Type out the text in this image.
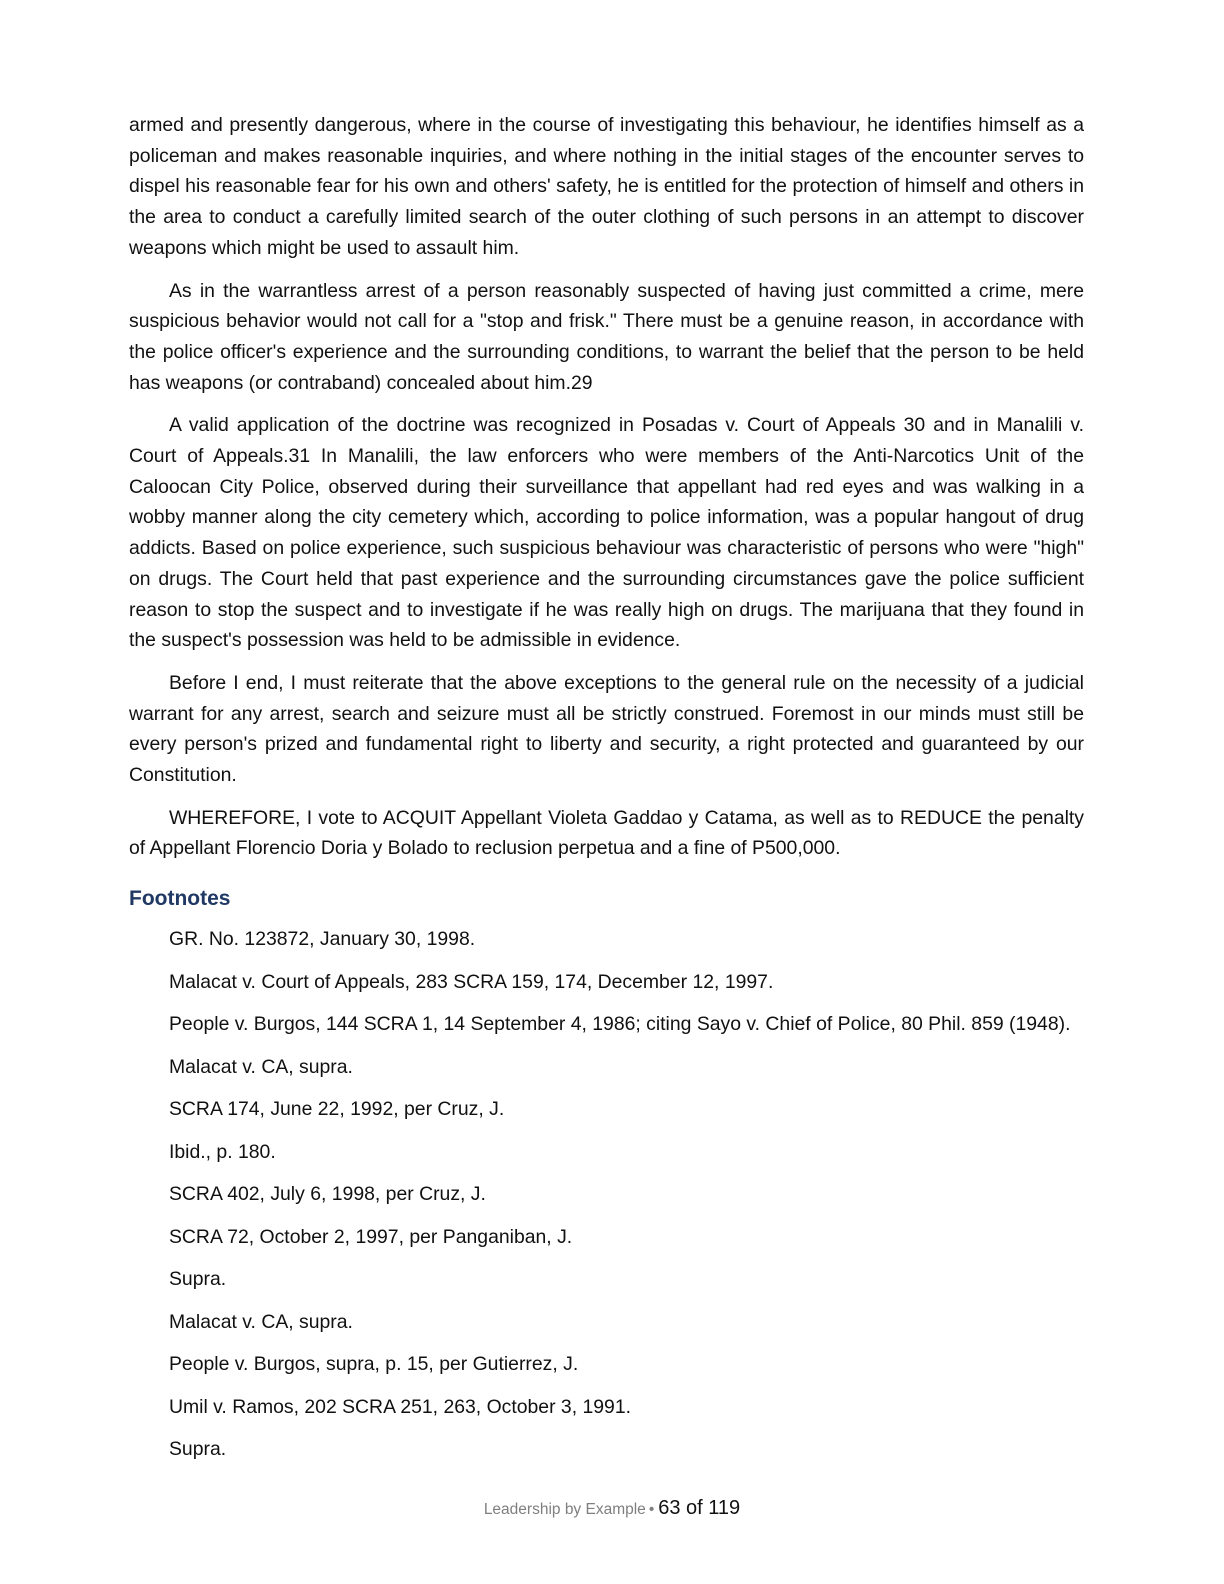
armed and presently dangerous, where in the course of investigating this behaviour, he identifies himself as a policeman and makes reasonable inquiries, and where nothing in the initial stages of the encounter serves to dispel his reasonable fear for his own and others' safety, he is entitled for the protection of himself and others in the area to conduct a carefully limited search of the outer clothing of such persons in an attempt to discover weapons which might be used to assault him.

As in the warrantless arrest of a person reasonably suspected of having just committed a crime, mere suspicious behavior would not call for a "stop and frisk." There must be a genuine reason, in accordance with the police officer's experience and the surrounding conditions, to warrant the belief that the person to be held has weapons (or contraband) concealed about him.29

A valid application of the doctrine was recognized in Posadas v. Court of Appeals 30 and in Manalili v. Court of Appeals.31 In Manalili, the law enforcers who were members of the Anti-Narcotics Unit of the Caloocan City Police, observed during their surveillance that appellant had red eyes and was walking in a wobby manner along the city cemetery which, according to police information, was a popular hangout of drug addicts. Based on police experience, such suspicious behaviour was characteristic of persons who were "high" on drugs. The Court held that past experience and the surrounding circumstances gave the police sufficient reason to stop the suspect and to investigate if he was really high on drugs. The marijuana that they found in the suspect's possession was held to be admissible in evidence.

Before I end, I must reiterate that the above exceptions to the general rule on the necessity of a judicial warrant for any arrest, search and seizure must all be strictly construed. Foremost in our minds must still be every person's prized and fundamental right to liberty and security, a right protected and guaranteed by our Constitution.

WHEREFORE, I vote to ACQUIT Appellant Violeta Gaddao y Catama, as well as to REDUCE the penalty of Appellant Florencio Doria y Bolado to reclusion perpetua and a fine of P500,000.

Footnotes
GR. No. 123872, January 30, 1998.
Malacat v. Court of Appeals, 283 SCRA 159, 174, December 12, 1997.
People v. Burgos, 144 SCRA 1, 14 September 4, 1986; citing Sayo v. Chief of Police, 80 Phil. 859 (1948).
Malacat v. CA, supra.
SCRA 174, June 22, 1992, per Cruz, J.
Ibid., p. 180.
SCRA 402, July 6, 1998, per Cruz, J.
SCRA 72, October 2, 1997, per Panganiban, J.
Supra.
Malacat v. CA, supra.
People v. Burgos, supra, p. 15, per Gutierrez, J.
Umil v. Ramos, 202 SCRA 251, 263, October 3, 1991.
Supra.
Leadership by Example • 63 of 119
